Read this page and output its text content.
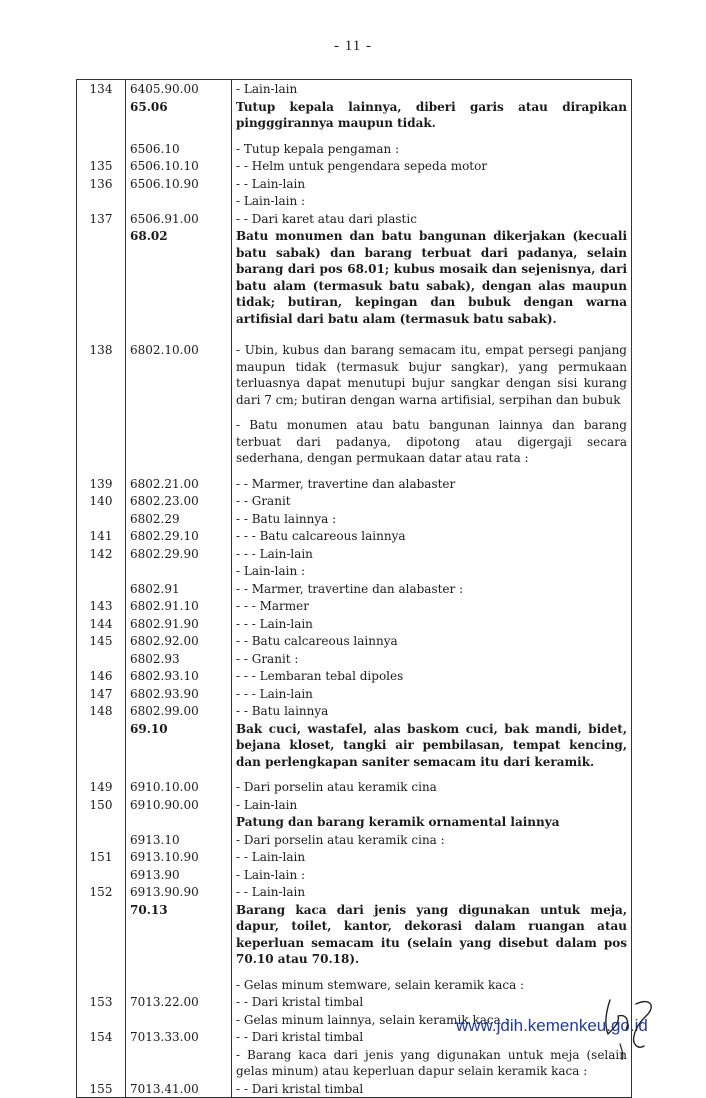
- 11 -
134	6405.90.00	- Lain-lain
	65.06	Tutup kepala lainnya, diberi garis atau dirapikan pingggirannya maupun tidak.
	6506.10	- Tutup kepala pengaman :
135	6506.10.10	- - Helm untuk pengendara sepeda motor
136	6506.10.90	- - Lain-lain
		- Lain-lain :
137	6506.91.00	- - Dari karet atau dari plastic
	68.02	Batu monumen dan batu bangunan dikerjakan (kecuali batu sabak) dan barang terbuat dari padanya, selain barang dari pos 68.01; kubus mosaik dan sejenisnya, dari batu alam (termasuk batu sabak), dengan alas maupun tidak; butiran, kepingan dan bubuk dengan warna artifisial dari batu alam (termasuk batu sabak).
138	6802.10.00	- Ubin, kubus dan barang semacam itu, empat persegi panjang maupun tidak (termasuk bujur sangkar), yang permukaan terluasnya dapat menutupi bujur sangkar dengan sisi kurang dari 7 cm; butiran dengan warna artifisial, serpihan dan bubuk
		- Batu monumen atau batu bangunan lainnya dan barang terbuat dari padanya, dipotong atau digergaji secara sederhana, dengan permukaan datar atau rata :
139	6802.21.00	- - Marmer, travertine dan alabaster
140	6802.23.00	- - Granit
	6802.29	- - Batu lainnya :
141	6802.29.10	- - - Batu calcareous lainnya
142	6802.29.90	- - - Lain-lain
		- Lain-lain :
	6802.91	- - Marmer, travertine dan alabaster :
143	6802.91.10	- - - Marmer
144	6802.91.90	- - - Lain-lain
145	6802.92.00	- - Batu calcareous lainnya
	6802.93	- - Granit :
146	6802.93.10	- - - Lembaran tebal dipoles
147	6802.93.90	- - - Lain-lain
148	6802.99.00	- - Batu lainnya
	69.10	Bak cuci, wastafel, alas baskom cuci, bak mandi, bidet, bejana kloset, tangki air pembilasan, tempat kencing, dan perlengkapan saniter semacam itu dari keramik.
149	6910.10.00	- Dari porselin atau keramik cina
150	6910.90.00	- Lain-lain
		Patung dan barang keramik ornamental lainnya
	6913.10	- Dari porselin atau keramik cina :
151	6913.10.90	- - Lain-lain
	6913.90	- Lain-lain :
152	6913.90.90	- - Lain-lain
	70.13	Barang kaca dari jenis yang digunakan untuk meja, dapur, toilet, kantor, dekorasi dalam ruangan atau keperluan semacam itu (selain yang disebut dalam pos 70.10 atau 70.18).
		- Gelas minum stemware, selain keramik kaca :
153	7013.22.00	- - Dari kristal timbal
		- Gelas minum lainnya, selain keramik kaca :
154	7013.33.00	- - Dari kristal timbal
		- Barang kaca dari jenis yang digunakan untuk meja (selain gelas minum) atau keperluan dapur selain keramik kaca :
155	7013.41.00	- - Dari kristal timbal
www.jdih.kemenkeu.go.id
